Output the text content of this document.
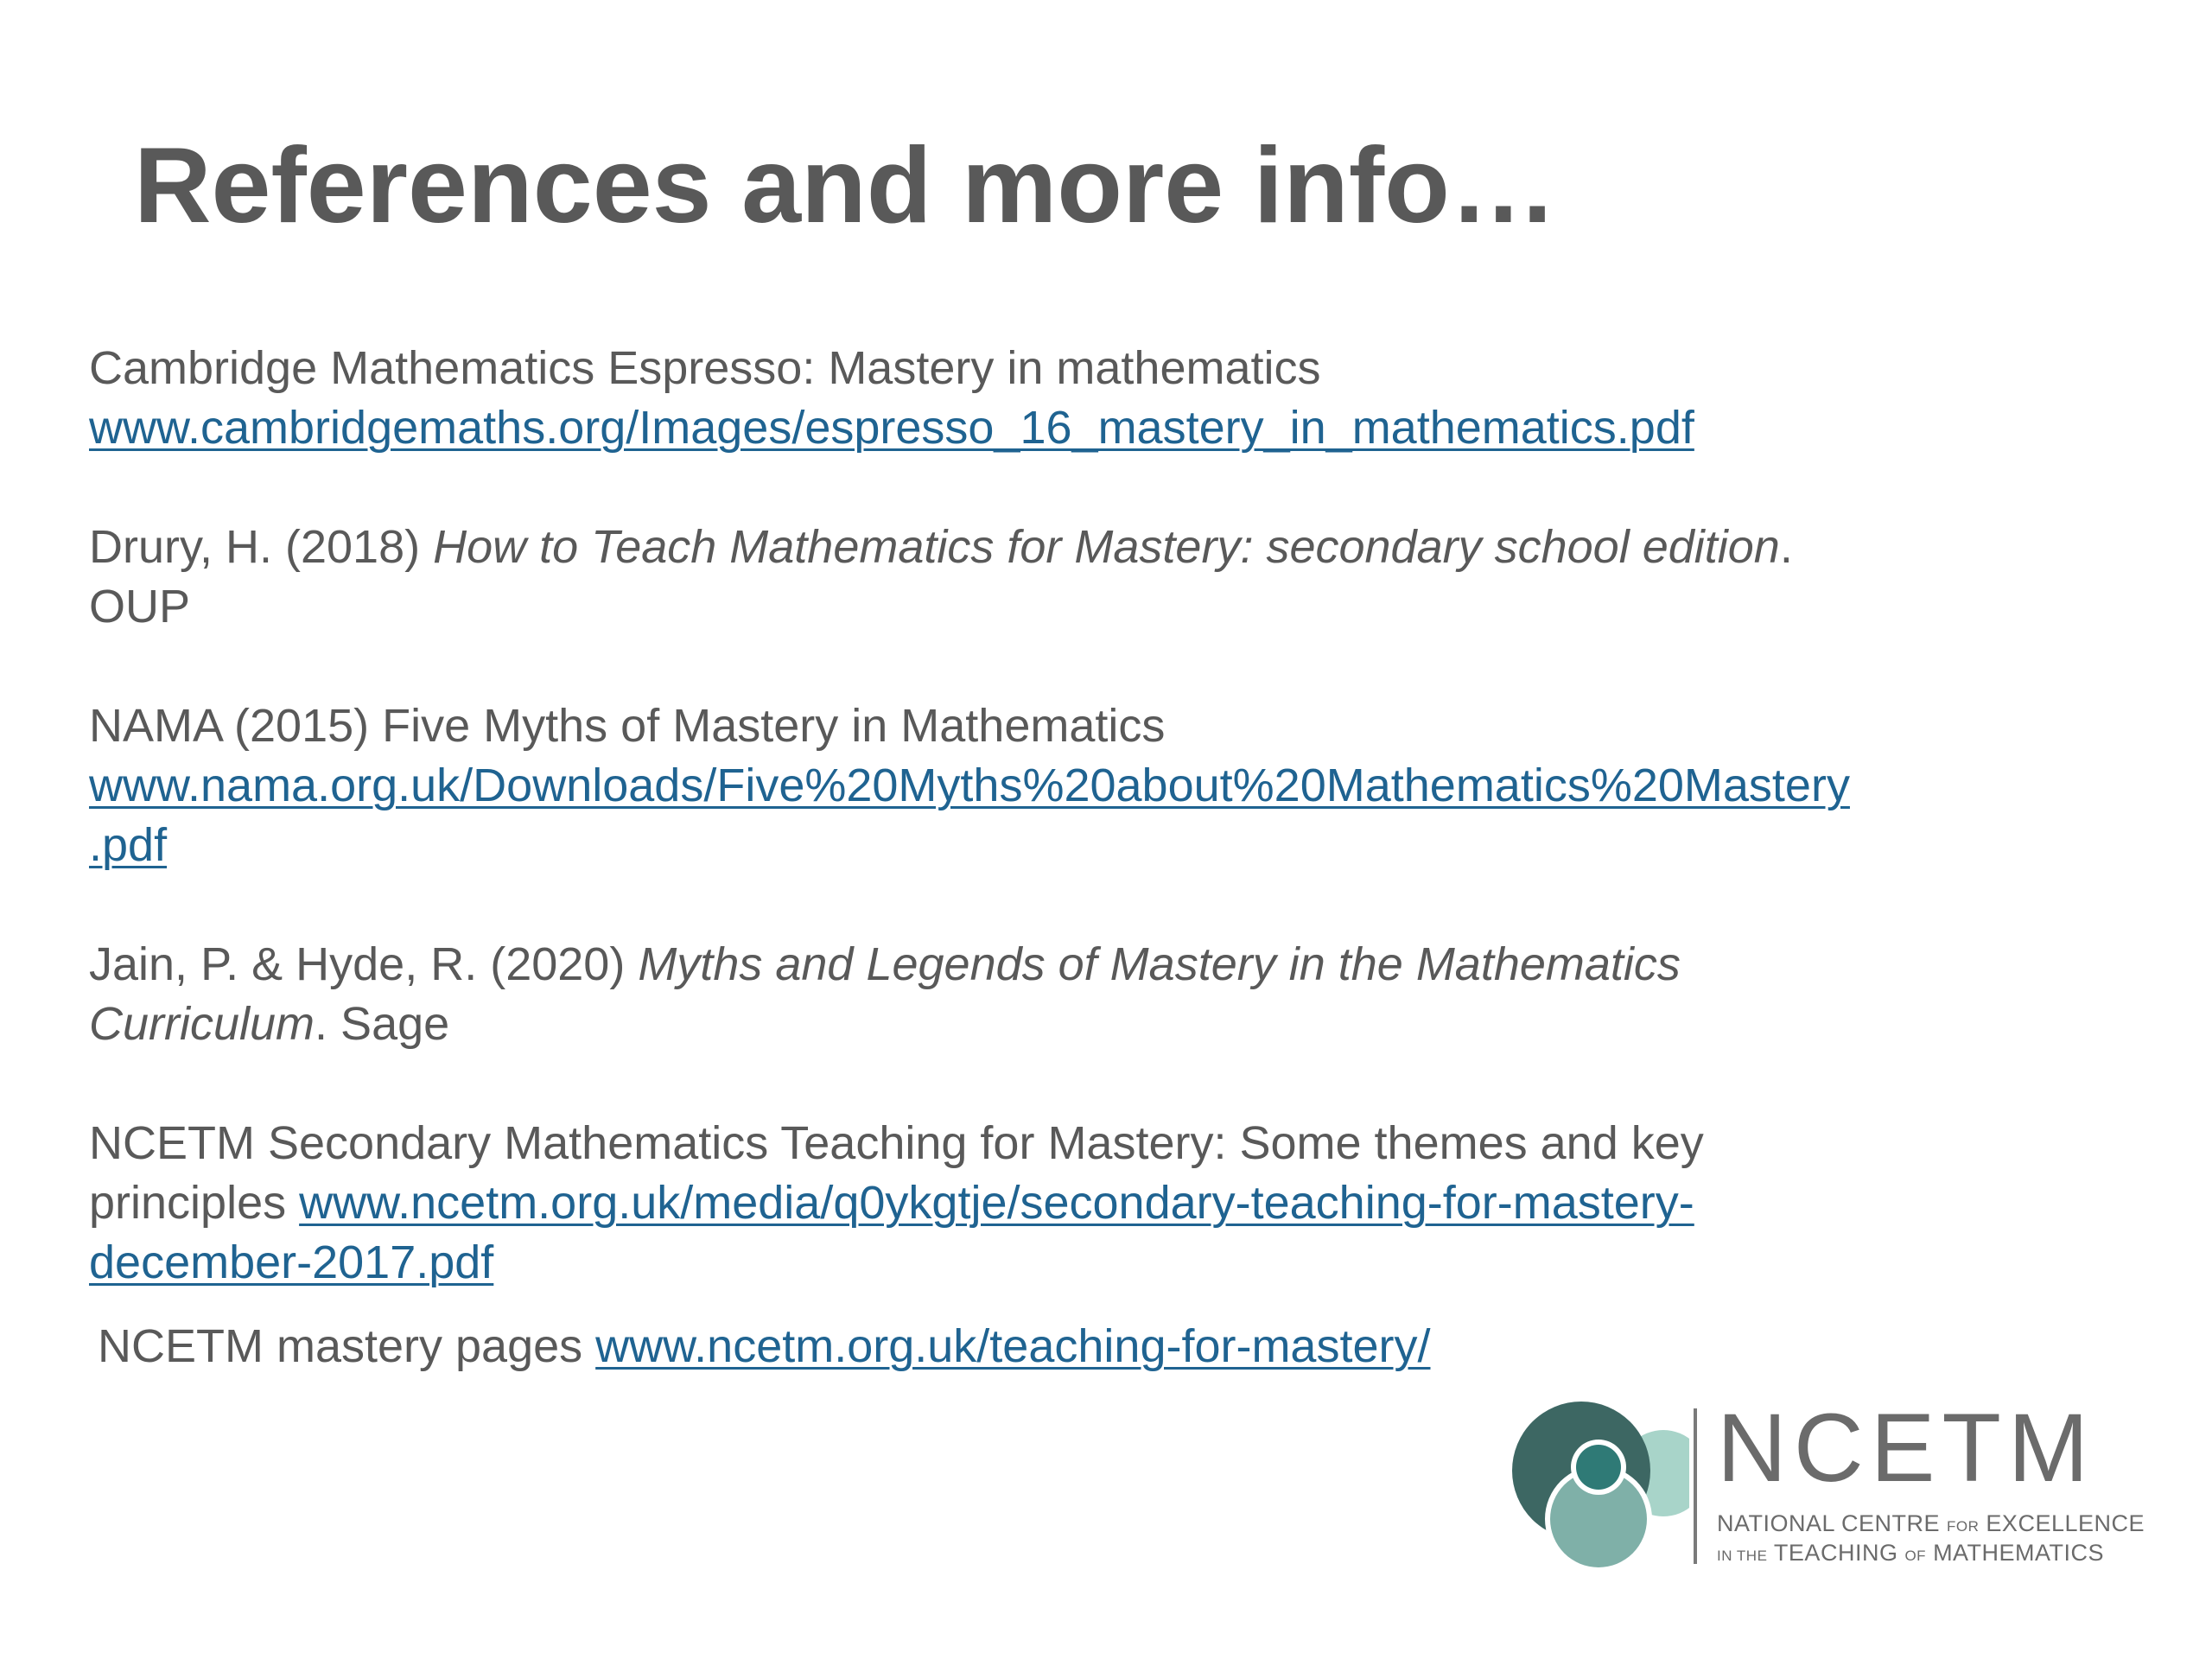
References and more info…

Cambridge Mathematics Espresso: Mastery in mathematics
www.cambridgemaths.org/Images/espresso_16_mastery_in_mathematics.pdf

Drury, H. (2018) How to Teach Mathematics for Mastery: secondary school edition.
OUP

NAMA (2015) Five Myths of Mastery in Mathematics
www.nama.org.uk/Downloads/Five%20Myths%20about%20Mathematics%20Mastery
.pdf

Jain, P. & Hyde, R. (2020) Myths and Legends of Mastery in the Mathematics
Curriculum. Sage

NCETM Secondary Mathematics Teaching for Mastery: Some themes and key
principles www.ncetm.org.uk/media/q0ykgtje/secondary-teaching-for-mastery-
december-2017.pdf

NCETM mastery pages www.ncetm.org.uk/teaching-for-mastery/

NCETM
NATIONAL CENTRE FOR EXCELLENCE
IN THE TEACHING OF MATHEMATICS
